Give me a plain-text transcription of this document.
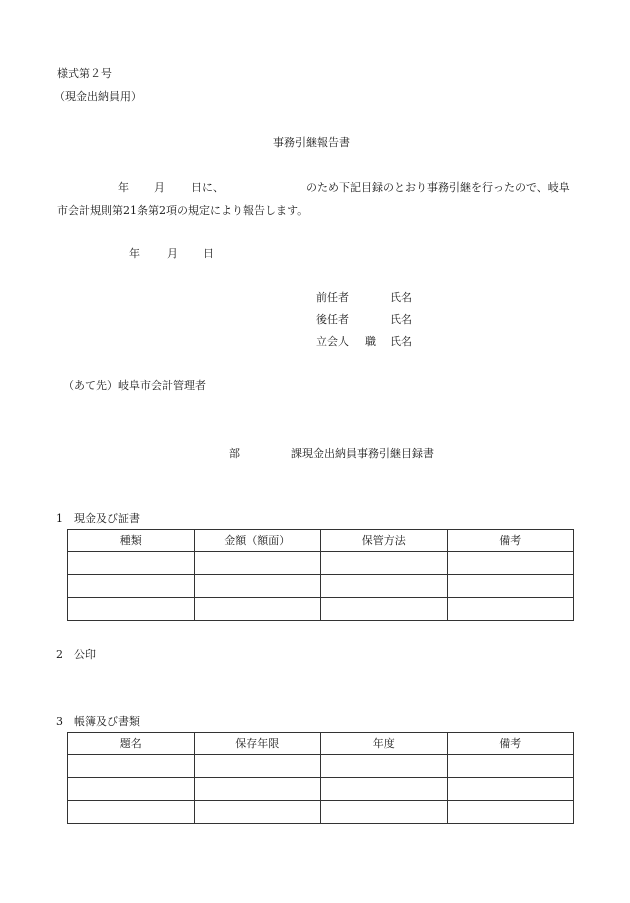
様式第２号
（現金出納員用）
事務引継報告書
年 月 日に、	のため下記目録のとおり事務引継を行ったので、岐阜
市会計規則第21条第2項の規定により報告します。
年 月 日
前任者	氏名
後任者	氏名
立会人 職 氏名
（あて先）岐阜市会計管理者
部	課現金出納員事務引継目録書
1　現金及び証書
種類	金額（額面）	保管方法	備考

2　公印
3　帳簿及び書類
題名	保存年限	年度	備考
